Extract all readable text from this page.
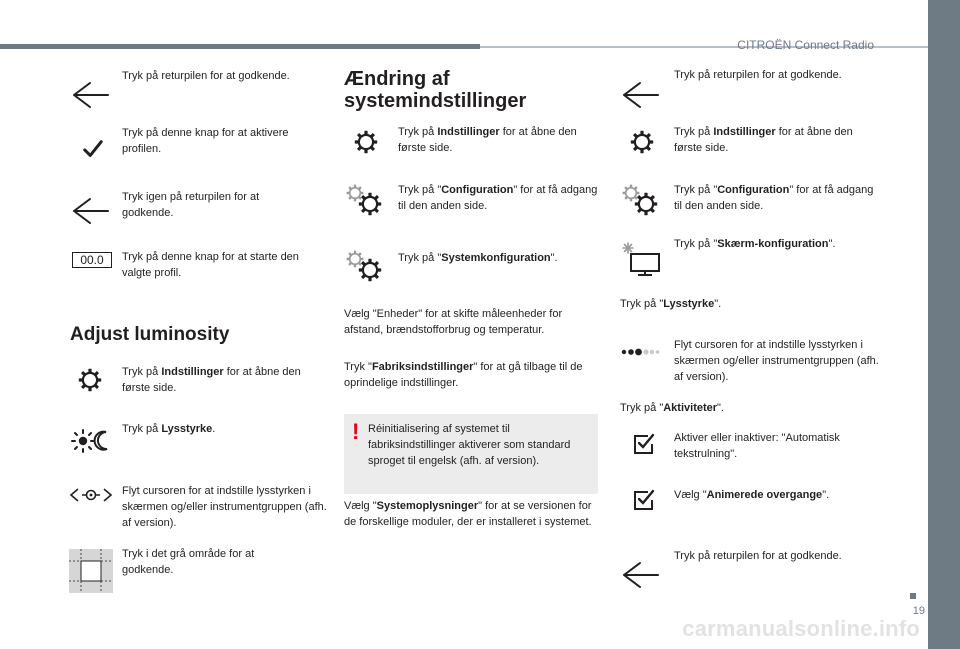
CITROËN Connect Radio
19
carmanualsonline.info
Tryk på returpilen for at godkende.
Tryk på denne knap for at aktivere profilen.
Tryk igen på returpilen for at godkende.
00.0	Tryk på denne knap for at starte den valgte profil.
Adjust luminosity
Tryk på Indstillinger for at åbne den første side.
Tryk på Lysstyrke.
Flyt cursoren for at indstille lysstyrken i skærmen og/eller instrumentgruppen (afh. af version).
Tryk i det grå område for at godkende.
Ændring af systemindstillinger
Tryk på Indstillinger for at åbne den første side.
Tryk på "Configuration" for at få adgang til den anden side.
Tryk på "Systemkonfiguration".
Vælg "Enheder" for at skifte måleenheder for afstand, brændstofforbrug og temperatur.
Tryk "Fabriksindstillinger" for at gå tilbage til de oprindelige indstillinger.
! Réinitialisering af systemet til fabriksindstillinger aktiverer som standard sproget til engelsk (afh. af version).
Vælg "Systemoplysninger" for at se versionen for de forskellige moduler, der er installeret i systemet.
Tryk på returpilen for at godkende.
Tryk på Indstillinger for at åbne den første side.
Tryk på "Configuration" for at få adgang til den anden side.
Tryk på "Skærm-konfiguration".
Tryk på "Lysstyrke".
Flyt cursoren for at indstille lysstyrken i skærmen og/eller instrumentgruppen (afh. af version).
Tryk på "Aktiviteter".
Aktiver eller inaktiver: "Automatisk tekstrulning".
Vælg "Animerede overgange".
Tryk på returpilen for at godkende.
